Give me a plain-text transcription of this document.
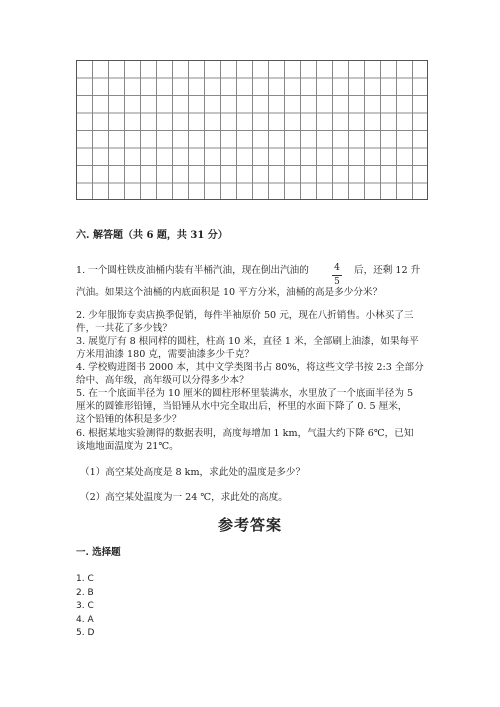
六. 解答题（共 6 题，共 31 分）
1. 一个圆柱铁皮油桶内装有半桶汽油，现在倒出汽油的	4
5
后，还剩 12 升
汽油。如果这个油桶的内底面积是 10 平方分米，油桶的高是多少分米？
2. 少年服饰专卖店换季促销，每件半袖原价 50 元，现在八折销售。小林买了三
件，一共花了多少钱？
3. 展览厅有 8 根同样的圆柱，柱高 10 米，直径 1 米，全部刷上油漆，如果每平
方米用油漆 180 克，需要油漆多少千克？
4. 学校购进图书 2000 本，其中文学类图书占 80%，将这些文学书按 2:3 全部分
给中、高年级，高年级可以分得多少本？
5. 在一个底面半径为 10 厘米的圆柱形杯里装满水，水里放了一个底面半径为 5
厘米的圆锥形铅锤，当铅锤从水中完全取出后，杯里的水面下降了 0. 5 厘米，
这个铅锤的体积是多少？
6. 根据某地实验测得的数据表明，高度每增加 1 km，气温大约下降 6℃，已知
该地地面温度为 21℃。
（1）高空某处高度是 8 km，求此处的温度是多少？
（2）高空某处温度为一 24 ℃，求此处的高度。
参考答案
一. 选择题
1. C
2. B
3. C
4. A
5. D
